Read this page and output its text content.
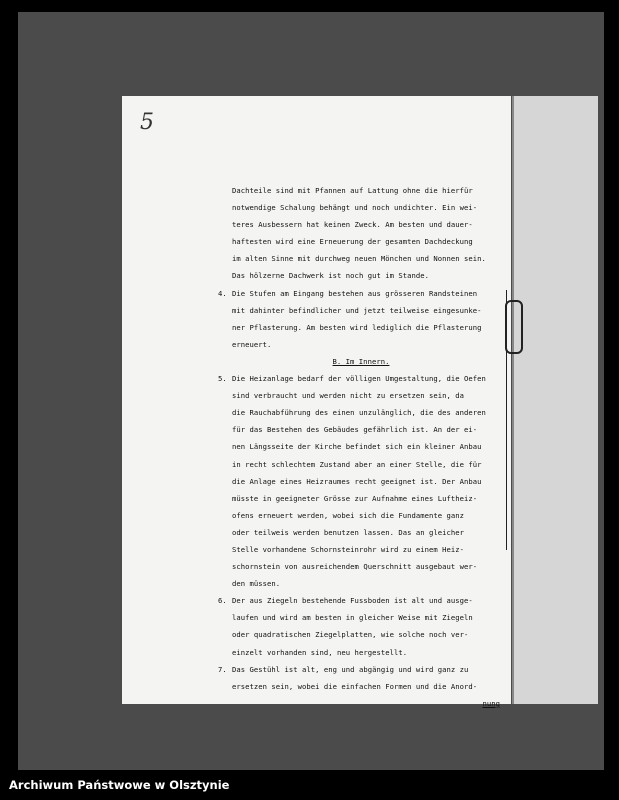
5
Dachteile sind mit Pfannen auf Lattung ohne die hierfür
notwendige Schalung behängt und noch undichter. Ein wei-
teres Ausbessern hat keinen Zweck. Am besten und dauer-
haftesten wird eine Erneuerung der gesamten Dachdeckung
im alten Sinne mit durchweg neuen Mönchen und Nonnen sein.
Das hölzerne Dachwerk ist noch gut im Stande.
4. Die Stufen am Eingang bestehen aus grösseren Randsteinen
mit dahinter befindlicher und jetzt teilweise eingesunke-
ner Pflasterung. Am besten wird lediglich die Pflasterung
erneuert.
B. Im Innern.
5. Die Heizanlage bedarf der völligen Umgestaltung, die Oefen
sind verbraucht und werden nicht zu ersetzen sein, da
die Rauchabführung des einen unzulänglich, die des anderen
für das Bestehen des Gebäudes gefährlich ist. An der ei-
nen Längsseite der Kirche befindet sich ein kleiner Anbau
in recht schlechtem Zustand aber an einer Stelle, die für
die Anlage eines Heizraumes recht geeignet ist. Der Anbau
müsste in geeigneter Grösse zur Aufnahme eines Luftheiz-
ofens erneuert werden, wobei sich die Fundamente ganz
oder teilweis werden benutzen lassen. Das an gleicher
Stelle vorhandene Schornsteinrohr wird zu einem Heiz-
schornstein von ausreichendem Querschnitt ausgebaut wer-
den müssen.
6. Der aus Ziegeln bestehende Fussboden ist alt und ausge-
laufen und wird am besten in gleicher Weise mit Ziegeln
oder quadratischen Ziegelplatten, wie solche noch ver-
einzelt vorhanden sind, neu hergestellt.
7. Das Gestühl ist alt, eng und abgängig und wird ganz zu
ersetzen sein, wobei die einfachen Formen und die Anord-
nung
Archiwum Państwowe w Olsztynie
